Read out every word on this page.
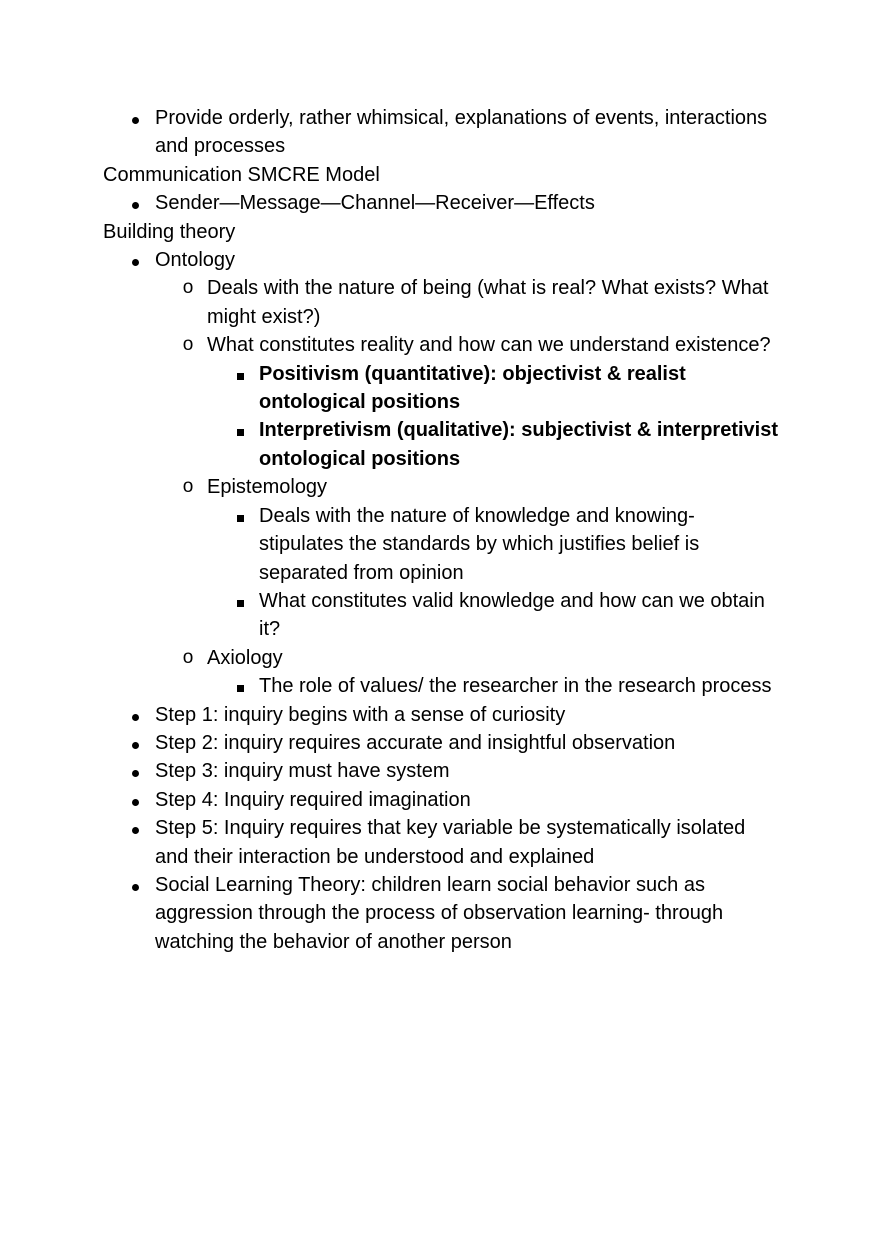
Provide orderly, rather whimsical, explanations of events, interactions and processes
Communication SMCRE Model
Sender—Message—Channel—Receiver—Effects
Building theory
Ontology
o Deals with the nature of being (what is real? What exists? What might exist?)
o What constitutes reality and how can we understand existence?
Positivism (quantitative): objectivist & realist ontological positions
Interpretivism (qualitative): subjectivist & interpretivist ontological positions
o Epistemology
Deals with the nature of knowledge and knowing- stipulates the standards by which justifies belief is separated from opinion
What constitutes valid knowledge and how can we obtain it?
o Axiology
The role of values/ the researcher in the research process
Step 1: inquiry begins with a sense of curiosity
Step 2: inquiry requires accurate and insightful observation
Step 3: inquiry must have system
Step 4: Inquiry required imagination
Step 5: Inquiry requires that key variable be systematically isolated and their interaction be understood and explained
Social Learning Theory: children learn social behavior such as aggression through the process of observation learning- through watching the behavior of another person
